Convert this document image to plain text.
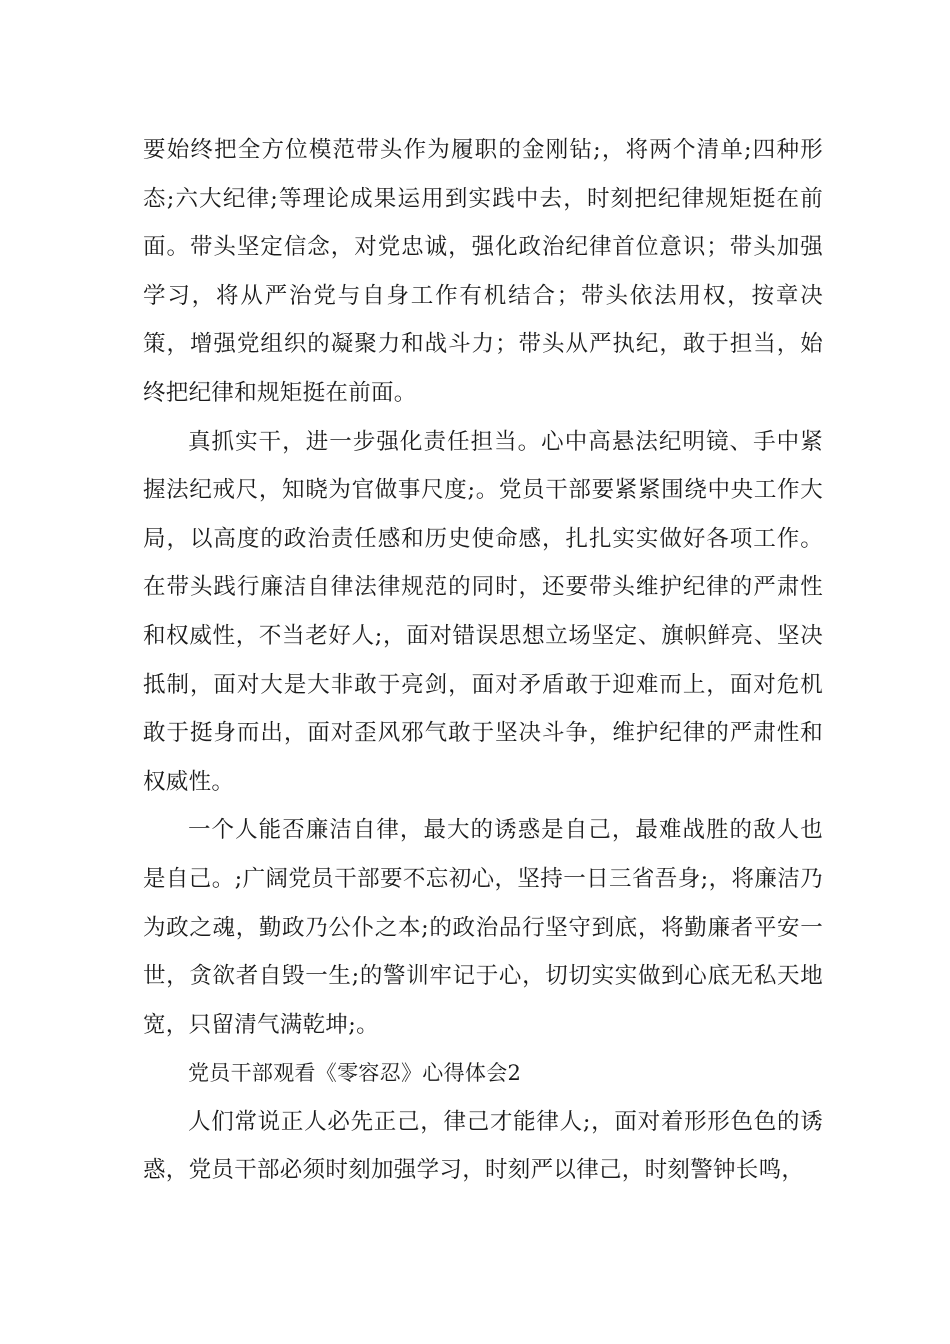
要始终把全方位模范带头作为履职的金刚钻;，将两个清单;四种形态;六大纪律;等理论成果运用到实践中去，时刻把纪律规矩挺在前面。带头坚定信念，对党忠诚，强化政治纪律首位意识；带头加强学习，将从严治党与自身工作有机结合；带头依法用权，按章决策，增强党组织的凝聚力和战斗力；带头从严执纪，敢于担当，始终把纪律和规矩挺在前面。

真抓实干，进一步强化责任担当。心中高悬法纪明镜、手中紧握法纪戒尺，知晓为官做事尺度;。党员干部要紧紧围绕中央工作大局，以高度的政治责任感和历史使命感，扎扎实实做好各项工作。在带头践行廉洁自律法律规范的同时，还要带头维护纪律的严肃性和权威性，不当老好人;，面对错误思想立场坚定、旗帜鲜亮、坚决抵制，面对大是大非敢于亮剑，面对矛盾敢于迎难而上，面对危机敢于挺身而出，面对歪风邪气敢于坚决斗争，维护纪律的严肃性和权威性。

一个人能否廉洁自律，最大的诱惑是自己，最难战胜的敌人也是自己。;广阔党员干部要不忘初心，坚持一日三省吾身;，将廉洁乃为政之魂，勤政乃公仆之本;的政治品行坚守到底，将勤廉者平安一世，贪欲者自毁一生;的警训牢记于心，切切实实做到心底无私天地宽，只留清气满乾坤;。

党员干部观看《零容忍》心得体会2

人们常说正人必先正己，律己才能律人;，面对着形形色色的诱惑，党员干部必须时刻加强学习，时刻严以律己，时刻警钟长鸣，
